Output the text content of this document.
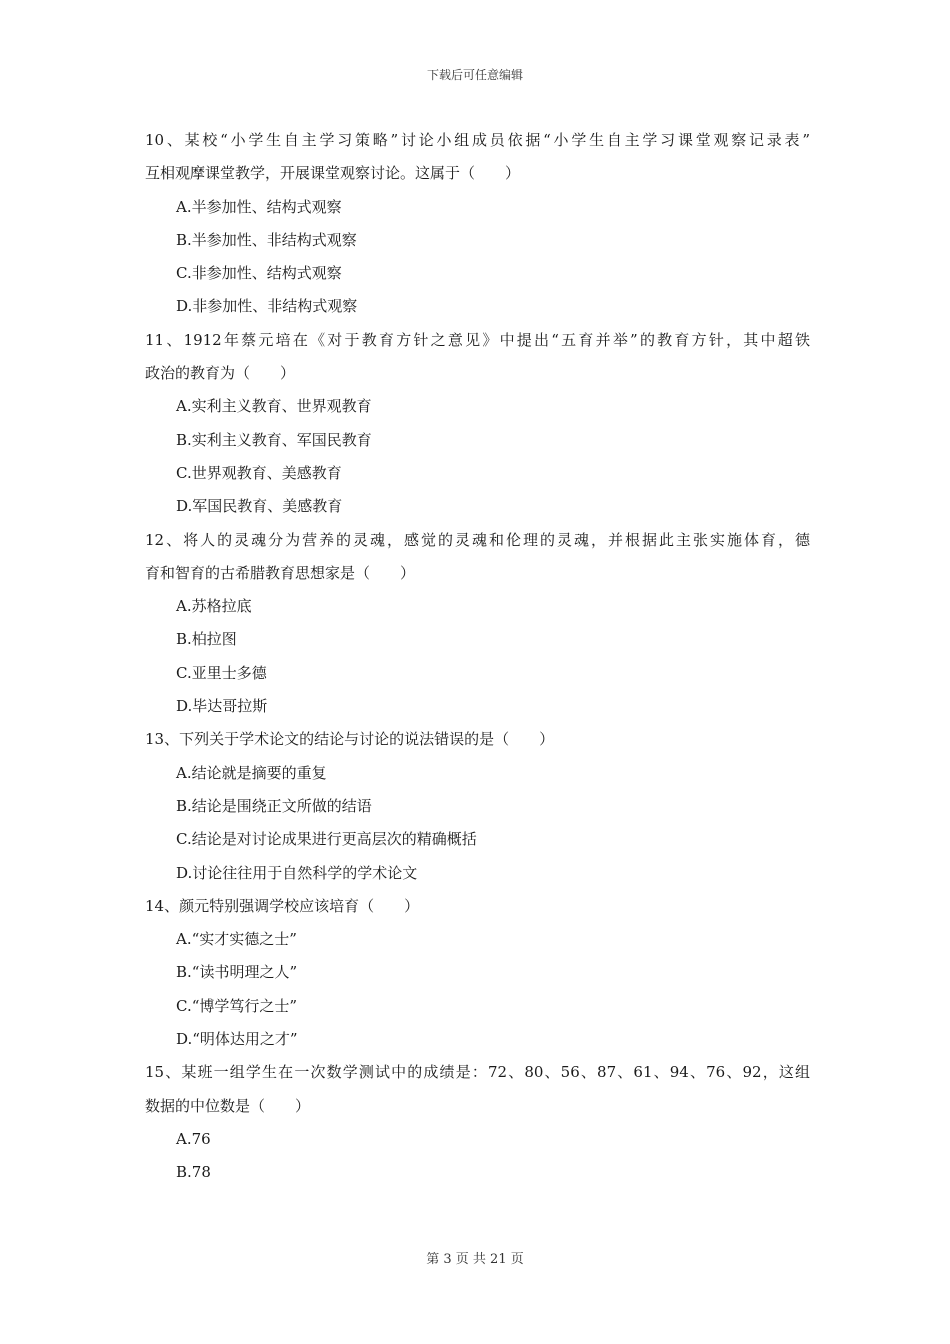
下载后可任意编辑
10、某校“小学生自主学习策略”讨论小组成员依据“小学生自主学习课堂观察记录表”
互相观摩课堂教学，开展课堂观察讨论。这属于（　　）
A.半参加性、结构式观察
B.半参加性、非结构式观察
C.非参加性、结构式观察
D.非参加性、非结构式观察
11、1912年蔡元培在《对于教育方针之意见》中提出“五育并举”的教育方针，其中超铁
政治的教育为（　　）
A.实利主义教育、世界观教育
B.实利主义教育、军国民教育
C.世界观教育、美感教育
D.军国民教育、美感教育
12、将人的灵魂分为营养的灵魂，感觉的灵魂和伦理的灵魂，并根据此主张实施体育，德
育和智育的古希腊教育思想家是（　　）
A.苏格拉底
B.柏拉图
C.亚里士多德
D.毕达哥拉斯
13、下列关于学术论文的结论与讨论的说法错误的是（　　）
A.结论就是摘要的重复
B.结论是围绕正文所做的结语
C.结论是对讨论成果进行更高层次的精确概括
D.讨论往往用于自然科学的学术论文
14、颜元特别强调学校应该培育（　　）
A.“实才实德之士”
B.“读书明理之人”
C.“博学笃行之士”
D.“明体达用之才”
15、某班一组学生在一次数学测试中的成绩是：72、80、56、87、61、94、76、92，这组
数据的中位数是（　　）
A.76
B.78
第 3 页 共 21 页
